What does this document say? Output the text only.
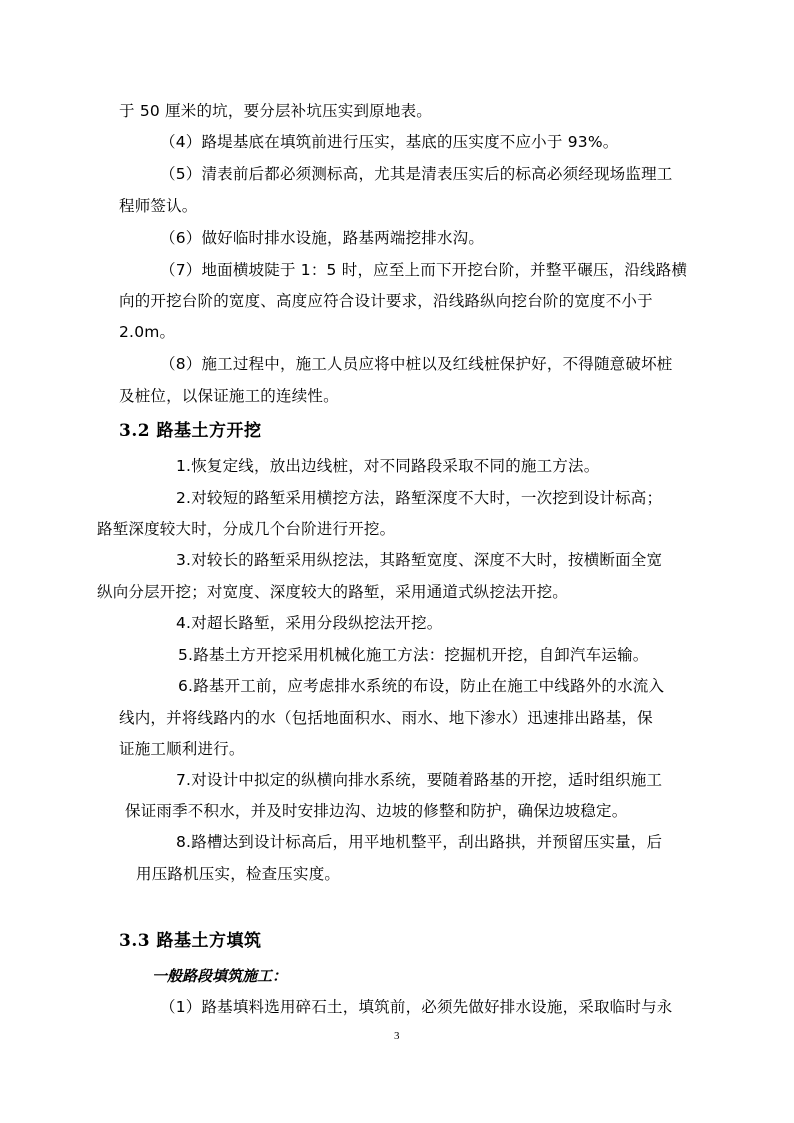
于 50 厘米的坑，要分层补坑压实到原地表。
（4）路堤基底在填筑前进行压实，基底的压实度不应小于 93%。
（5）清表前后都必须测标高，尤其是清表压实后的标高必须经现场监理工
程师签认。
（6）做好临时排水设施，路基两端挖排水沟。
（7）地面横坡陡于 1：5 时，应至上而下开挖台阶，并整平碾压，沿线路横
向的开挖台阶的宽度、高度应符合设计要求，沿线路纵向挖台阶的宽度不小于
2.0m。
（8）施工过程中，施工人员应将中桩以及红线桩保护好，不得随意破坏桩
及桩位，以保证施工的连续性。
3.2 路基土方开挖
1.恢复定线，放出边线桩，对不同路段采取不同的施工方法。
2.对较短的路堑采用横挖方法，路堑深度不大时，一次挖到设计标高；
路堑深度较大时，分成几个台阶进行开挖。
3.对较长的路堑采用纵挖法，其路堑宽度、深度不大时，按横断面全宽
纵向分层开挖；对宽度、深度较大的路堑，采用通道式纵挖法开挖。
4.对超长路堑，采用分段纵挖法开挖。
5.路基土方开挖采用机械化施工方法：挖掘机开挖，自卸汽车运输。
6.路基开工前，应考虑排水系统的布设，防止在施工中线路外的水流入
线内，并将线路内的水（包括地面积水、雨水、地下渗水）迅速排出路基，保
证施工顺利进行。
7.对设计中拟定的纵横向排水系统，要随着路基的开挖，适时组织施工
保证雨季不积水，并及时安排边沟、边坡的修整和防护，确保边坡稳定。
8.路槽达到设计标高后，用平地机整平，刮出路拱，并预留压实量，后
用压路机压实，检查压实度。
3.3 路基土方填筑
一般路段填筑施工：
（1）路基填料选用碎石土，填筑前，必须先做好排水设施，采取临时与永
3
